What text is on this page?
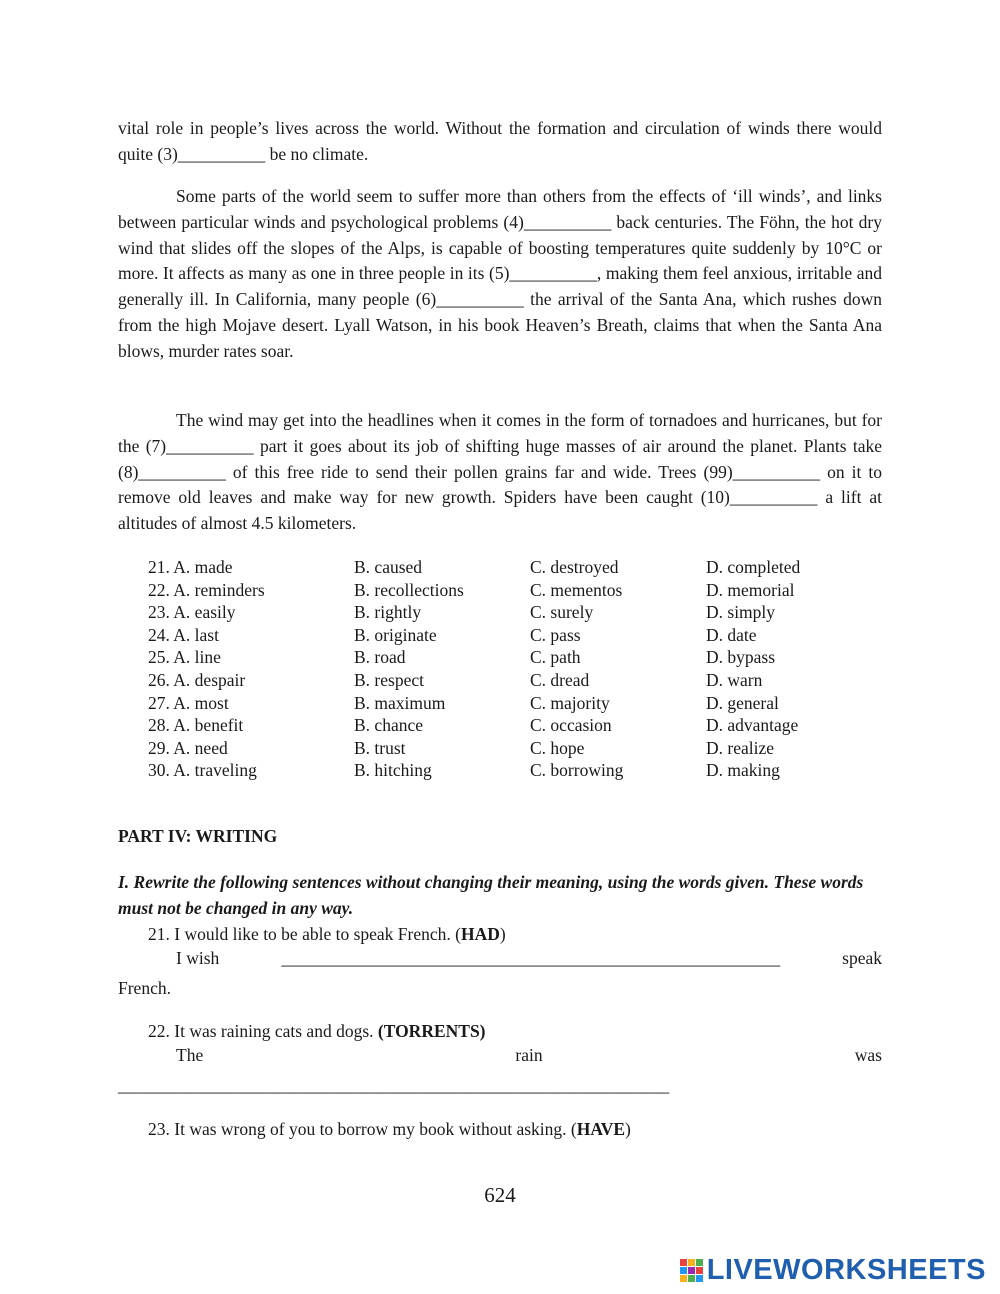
vital role in people’s lives across the world. Without the formation and circulation of winds there would quite (3)__________ be no climate.

Some parts of the world seem to suffer more than others from the effects of ‘ill winds’, and links between particular winds and psychological problems (4)__________ back centuries. The Föhn, the hot dry wind that slides off the slopes of the Alps, is capable of boosting temperatures quite suddenly by 10°C or more. It affects as many as one in three people in its (5)__________, making them feel anxious, irritable and generally ill. In California, many people (6)__________ the arrival of the Santa Ana, which rushes down from the high Mojave desert. Lyall Watson, in his book Heaven’s Breath, claims that when the Santa Ana blows, murder rates soar.

The wind may get into the headlines when it comes in the form of tornadoes and hurricanes, but for the (7)__________ part it goes about its job of shifting huge masses of air around the planet. Plants take (8)__________ of this free ride to send their pollen grains far and wide. Trees (99)__________ on it to remove old leaves and make way for new growth. Spiders have been caught (10)__________ a lift at altitudes of almost 4.5 kilometers.

21. A. made	B. caused	C. destroyed	D. completed
22. A. reminders	B. recollections	C. mementos	D. memorial
23. A. easily	B. rightly	C. surely	D. simply
24. A. last	B. originate	C. pass	D. date
25. A. line	B. road	C. path	D. bypass
26. A. despair	B. respect	C. dread	D. warn
27. A. most	B. maximum	C. majority	D. general
28. A. benefit	B. chance	C. occasion	D. advantage
29. A. need	B. trust	C. hope	D. realize
30. A. traveling	B. hitching	C. borrowing	D. making
PART IV: WRITING
I. Rewrite the following sentences without changing their meaning, using the words given. These words must not be changed in any way.
21. I would like to be able to speak French. (HAD)
I wish	_________________________________________________________	speak
French.
22. It was raining cats and dogs. (TORRENTS)
The	rain	was
_______________________________________________________________
23. It was wrong of you to borrow my book without asking. (HAVE)
624
LIVEWORKSHEETS
